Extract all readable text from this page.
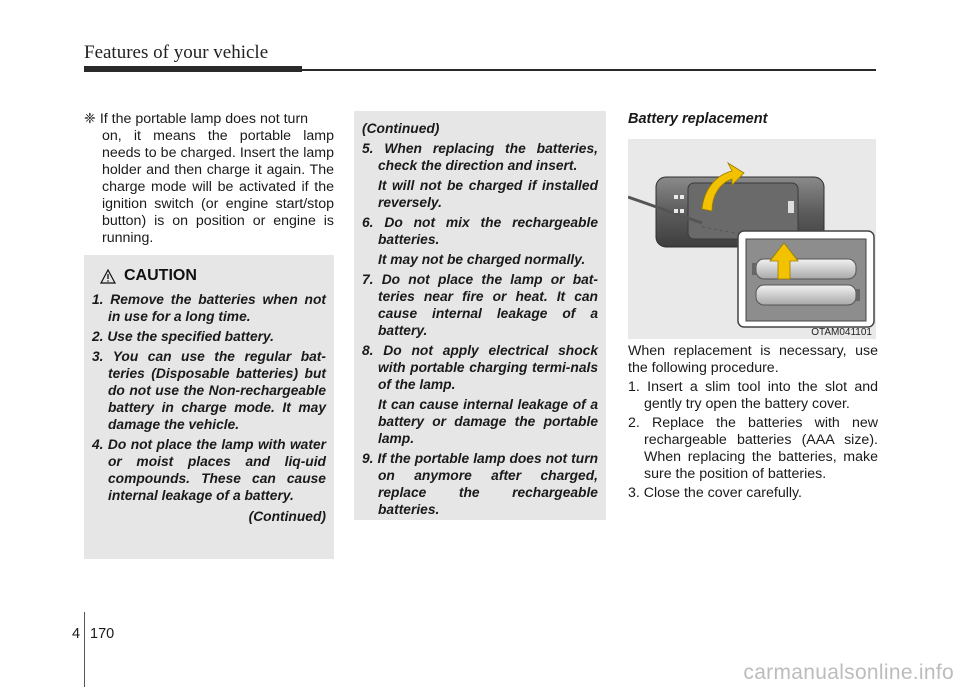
Features of your vehicle
❈ If the portable lamp does not turn
on, it means the portable lamp needs to be charged. Insert the lamp holder and then charge it again. The charge mode will be activated if the ignition switch (or engine start/stop button) is on position or engine is running.
CAUTION
1. Remove the batteries when not in use for a long time.
2. Use the specified battery.
3. You can use the regular bat-teries (Disposable batteries) but do not use the Non-rechargeable battery in charge mode. It may damage the vehicle.
4. Do not place the lamp with water or moist places and liq-uid compounds. These can cause internal leakage of a battery.
(Continued)
(Continued)
5. When replacing the batteries, check the direction and insert.
It will not be charged if installed reversely.
6. Do not mix the rechargeable batteries.
It may not be charged normally.
7. Do not place the lamp or bat-teries near fire or heat. It can cause internal leakage of a battery.
8. Do not apply electrical shock with portable charging termi-nals of the lamp.
It can cause internal leakage of a battery or damage the portable lamp.
9. If the portable lamp does not turn on anymore after charged, replace the rechargeable batteries.
Battery replacement
OTAM041101
When replacement is necessary, use the following procedure.
1. Insert a slim tool into the slot and gently try open the battery cover.
2. Replace the batteries with new rechargeable batteries (AAA size). When replacing the batteries, make sure the position of batteries.
3. Close the cover carefully.
4 170
carmanualsonline.info
